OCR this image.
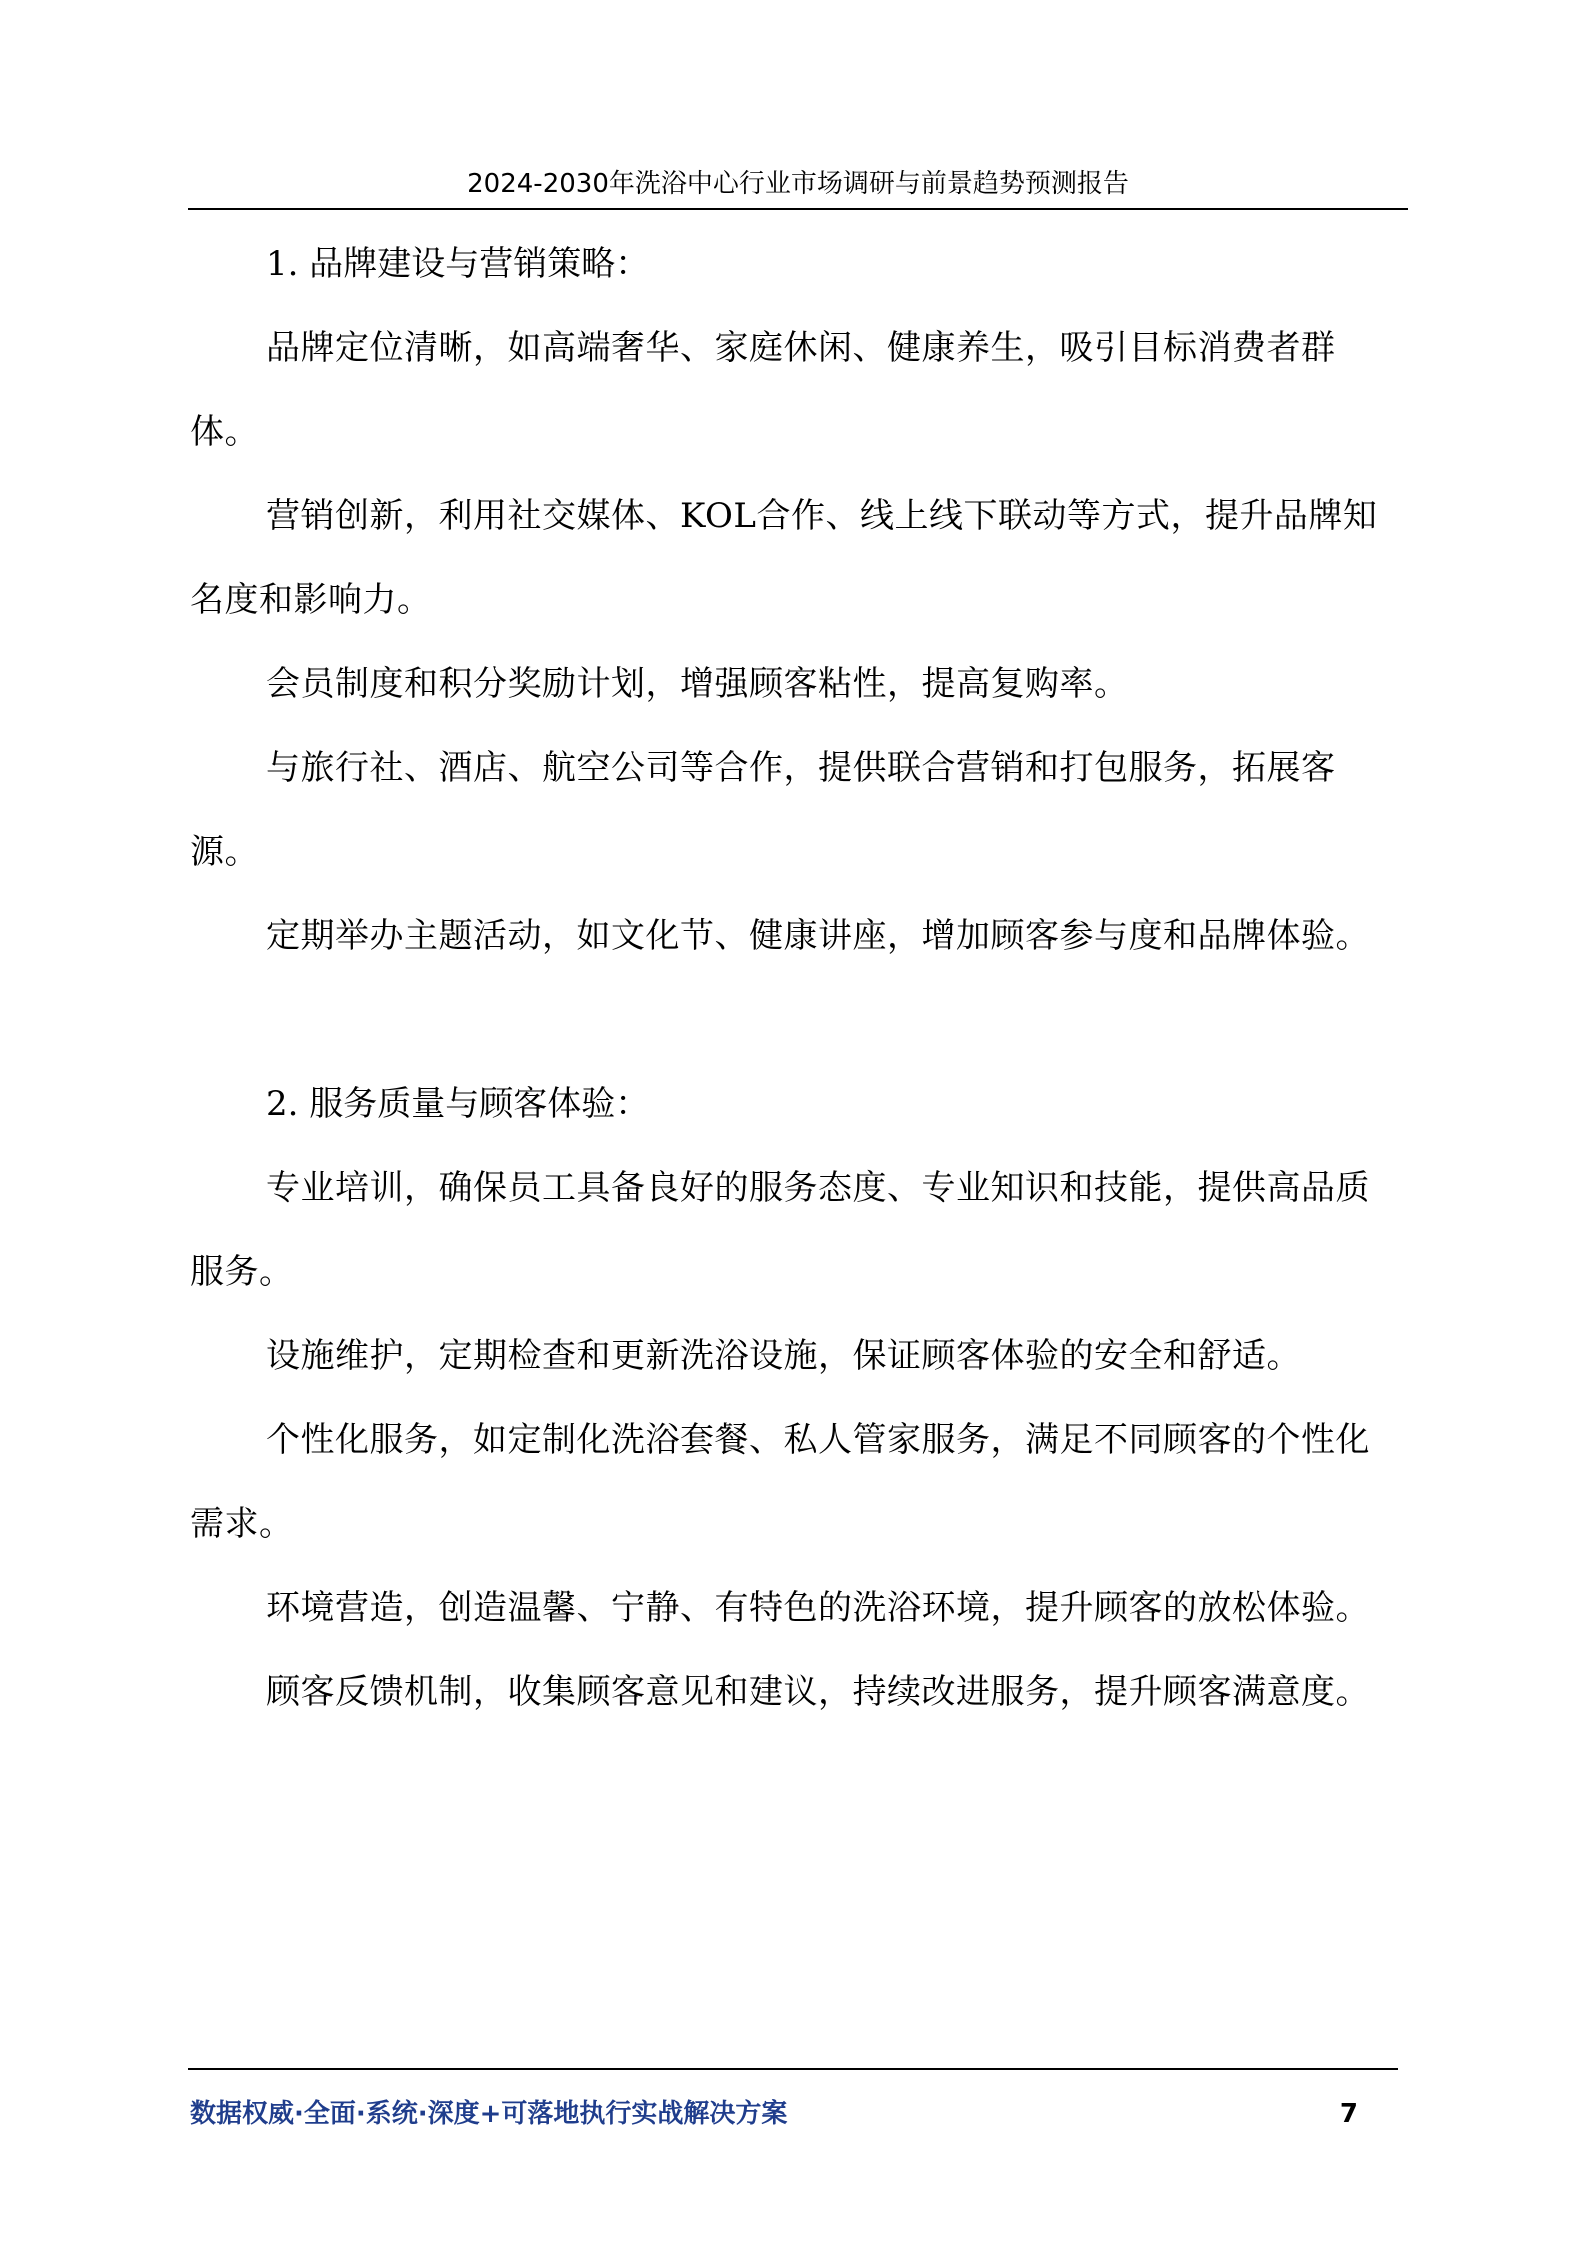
2024-2030年洗浴中心行业市场调研与前景趋势预测报告

1. 品牌建设与营销策略：

品牌定位清晰，如高端奢华、家庭休闲、健康养生，吸引目标消费者群体。

营销创新，利用社交媒体、KOL合作、线上线下联动等方式，提升品牌知名度和影响力。

会员制度和积分奖励计划，增强顾客粘性，提高复购率。

与旅行社、酒店、航空公司等合作，提供联合营销和打包服务，拓展客源。

定期举办主题活动，如文化节、健康讲座，增加顾客参与度和品牌体验。

2. 服务质量与顾客体验：

专业培训，确保员工具备良好的服务态度、专业知识和技能，提供高品质服务。

设施维护，定期检查和更新洗浴设施，保证顾客体验的安全和舒适。

个性化服务，如定制化洗浴套餐、私人管家服务，满足不同顾客的个性化需求。

环境营造，创造温馨、宁静、有特色的洗浴环境，提升顾客的放松体验。

顾客反馈机制，收集顾客意见和建议，持续改进服务，提升顾客满意度。

数据权威·全面·系统·深度+可落地执行实战解决方案	7
